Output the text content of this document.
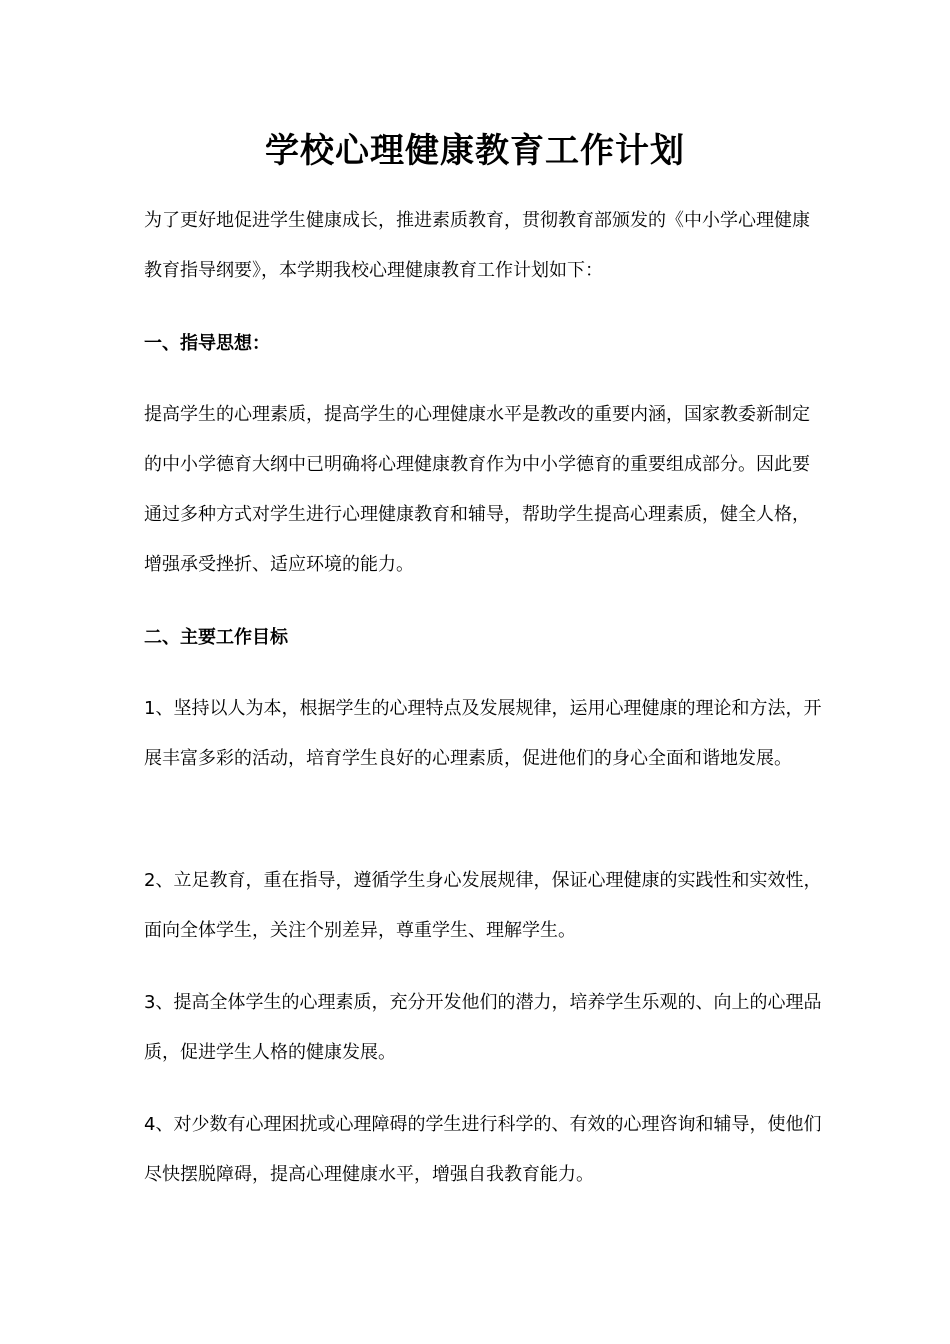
学校心理健康教育工作计划

为了更好地促进学生健康成长，推进素质教育，贯彻教育部颁发的《中小学心理健康教育指导纲要》，本学期我校心理健康教育工作计划如下：

一、指导思想：

提高学生的心理素质，提高学生的心理健康水平是教改的重要内涵，国家教委新制定的中小学德育大纲中已明确将心理健康教育作为中小学德育的重要组成部分。因此要通过多种方式对学生进行心理健康教育和辅导，帮助学生提高心理素质，健全人格，增强承受挫折、适应环境的能力。

二、主要工作目标

1、坚持以人为本，根据学生的心理特点及发展规律，运用心理健康的理论和方法，开展丰富多彩的活动，培育学生良好的心理素质，促进他们的身心全面和谐地发展。

2、立足教育，重在指导，遵循学生身心发展规律，保证心理健康的实践性和实效性，面向全体学生，关注个别差异，尊重学生、理解学生。

3、提高全体学生的心理素质，充分开发他们的潜力，培养学生乐观的、向上的心理品质，促进学生人格的健康发展。

4、对少数有心理困扰或心理障碍的学生进行科学的、有效的心理咨询和辅导，使他们尽快摆脱障碍，提高心理健康水平，增强自我教育能力。
